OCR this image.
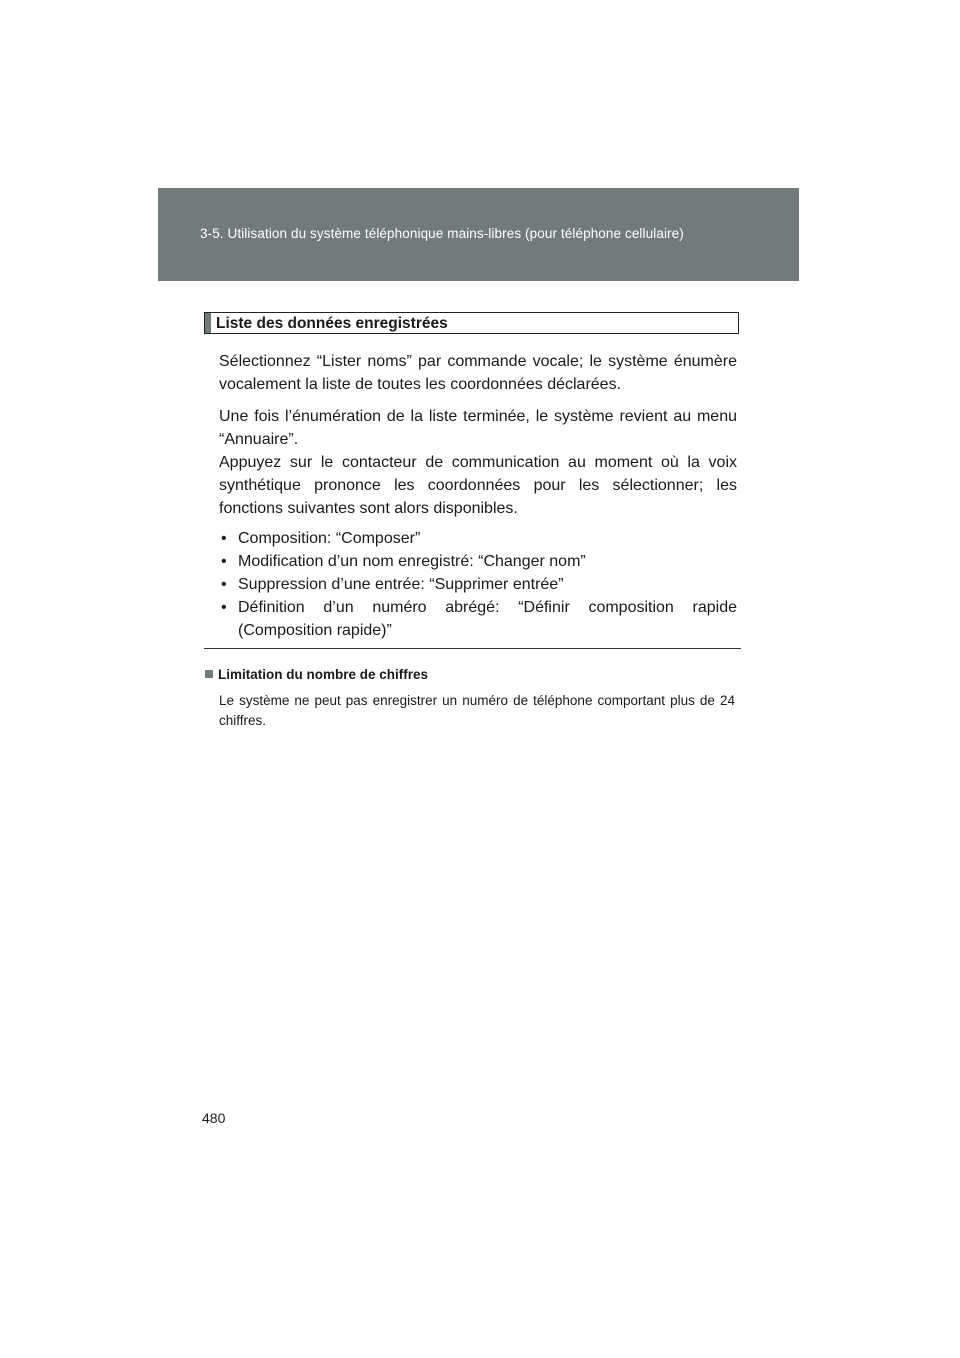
3-5. Utilisation du système téléphonique mains-libres (pour téléphone cellulaire)
Liste des données enregistrées
Sélectionnez “Lister noms” par commande vocale; le système énumère vocalement la liste de toutes les coordonnées déclarées.
Une fois l’énumération de la liste terminée, le système revient au menu “Annuaire”.
Appuyez sur le contacteur de communication au moment où la voix synthétique prononce les coordonnées pour les sélectionner; les fonctions suivantes sont alors disponibles.
• Composition: “Composer”
• Modification d’un nom enregistré: “Changer nom”
• Suppression d’une entrée: “Supprimer entrée”
• Définition d’un numéro abrégé: “Définir composition rapide (Composition rapide)”
Limitation du nombre de chiffres
Le système ne peut pas enregistrer un numéro de téléphone comportant plus de 24 chiffres.
480
